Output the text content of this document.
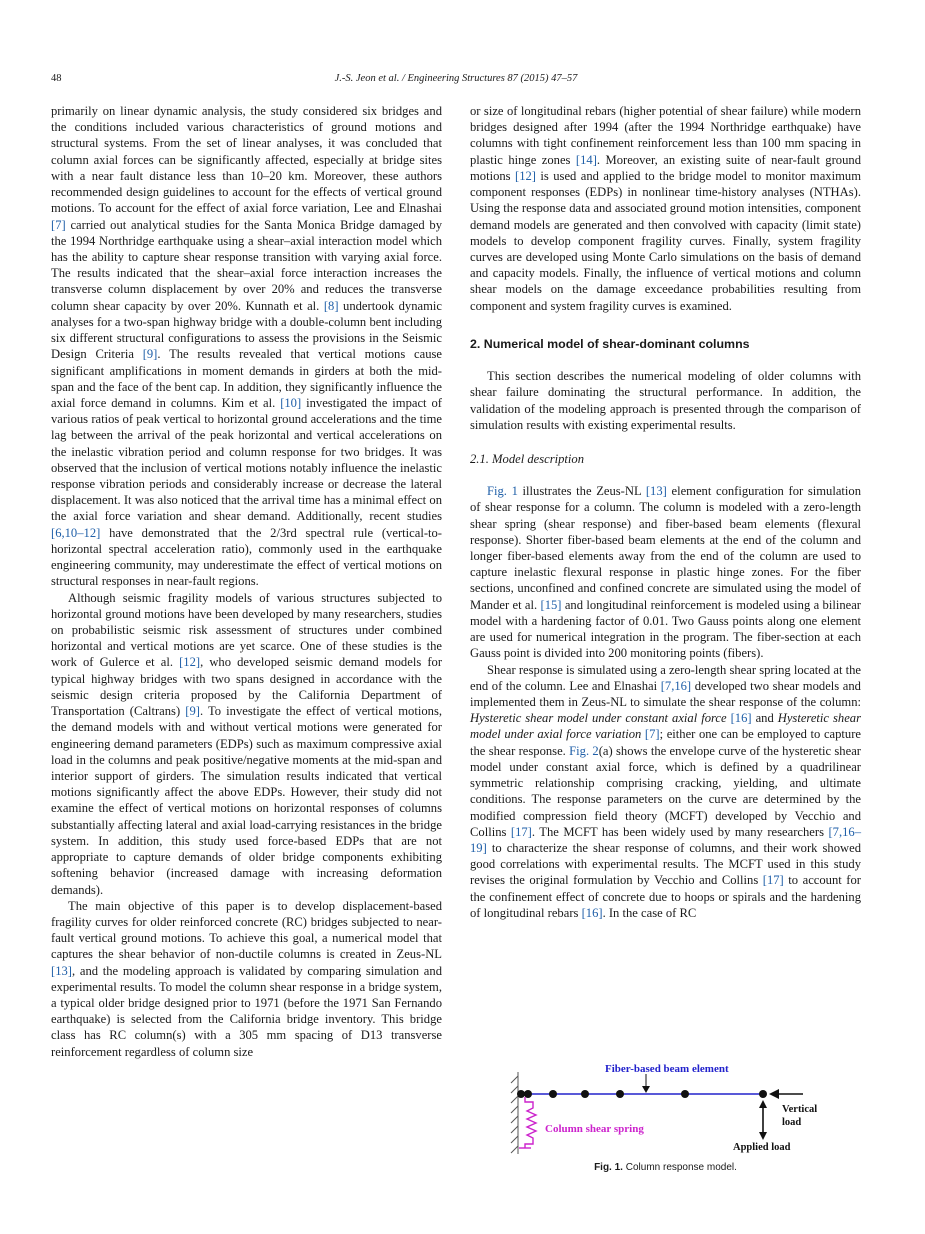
48	J.-S. Jeon et al. / Engineering Structures 87 (2015) 47–57

primarily on linear dynamic analysis, the study considered six bridges and the conditions included various characteristics of ground motions and structural systems. From the set of linear analyses, it was concluded that column axial forces can be significantly affected, especially at bridge sites with a near fault distance less than 10–20 km. Moreover, these authors recommended design guidelines to account for the effects of vertical ground motions. To account for the effect of axial force variation, Lee and Elnashai [7] carried out analytical studies for the Santa Monica Bridge damaged by the 1994 Northridge earthquake using a shear–axial interaction model which has the ability to capture shear response transition with varying axial force. The results indicated that the shear–axial force interaction increases the transverse column displacement by over 20% and reduces the transverse column shear capacity by over 20%. Kunnath et al. [8] undertook dynamic analyses for a two-span highway bridge with a double-column bent including six different structural configurations to assess the provisions in the Seismic Design Criteria [9]. The results revealed that vertical motions cause significant amplifications in moment demands in girders at both the mid-span and the face of the bent cap. In addition, they significantly influence the axial force demand in columns. Kim et al. [10] investigated the impact of various ratios of peak vertical to horizontal ground accelerations and the time lag between the arrival of the peak horizontal and vertical accelerations on the inelastic vibration period and column response for two bridges. It was observed that the inclusion of vertical motions notably influence the inelastic response vibration periods and considerably increase or decrease the lateral displacement. It was also noticed that the arrival time has a minimal effect on the axial force variation and shear demand. Additionally, recent studies [6,10–12] have demonstrated that the 2/3rd spectral rule (vertical-to-horizontal spectral acceleration ratio), commonly used in the earthquake engineering community, may underestimate the effect of vertical motions on structural responses in near-fault regions.

Although seismic fragility models of various structures subjected to horizontal ground motions have been developed by many researchers, studies on probabilistic seismic risk assessment of structures under combined horizontal and vertical motions are yet scarce. One of these studies is the work of Gulerce et al. [12], who developed seismic demand models for typical highway bridges with two spans designed in accordance with the seismic design criteria proposed by the California Department of Transportation (Caltrans) [9]. To investigate the effect of vertical motions, the demand models with and without vertical motions were generated for engineering demand parameters (EDPs) such as maximum compressive axial load in the columns and peak positive/negative moments at the mid-span and interior support of girders. The simulation results indicated that vertical motions significantly affect the above EDPs. However, their study did not examine the effect of vertical motions on horizontal responses of columns substantially affecting lateral and axial load-carrying resistances in the bridge system. In addition, this study used force-based EDPs that are not appropriate to capture demands of older bridge components exhibiting softening behavior (increased damage with increasing deformation demands).

The main objective of this paper is to develop displacement-based fragility curves for older reinforced concrete (RC) bridges subjected to near-fault vertical ground motions. To achieve this goal, a numerical model that captures the shear behavior of non-ductile columns is created in Zeus-NL [13], and the modeling approach is validated by comparing simulation and experimental results. To model the column shear response in a bridge system, a typical older bridge designed prior to 1971 (before the 1971 San Fernando earthquake) is selected from the California bridge inventory. This bridge class has RC column(s) with a 305 mm spacing of D13 transverse reinforcement regardless of column size

or size of longitudinal rebars (higher potential of shear failure) while modern bridges designed after 1994 (after the 1994 Northridge earthquake) have columns with tight confinement reinforcement less than 100 mm spacing in plastic hinge zones [14]. Moreover, an existing suite of near-fault ground motions [12] is used and applied to the bridge model to monitor maximum component responses (EDPs) in nonlinear time-history analyses (NTHAs). Using the response data and associated ground motion intensities, component demand models are generated and then convolved with capacity (limit state) models to develop component fragility curves. Finally, system fragility curves are developed using Monte Carlo simulations on the basis of demand and capacity models. Finally, the influence of vertical motions and column shear models on the damage exceedance probabilities resulting from component and system fragility curves is examined.

2. Numerical model of shear-dominant columns

This section describes the numerical modeling of older columns with shear failure dominating the structural performance. In addition, the validation of the modeling approach is presented through the comparison of simulation results with existing experimental results.

2.1. Model description

Fig. 1 illustrates the Zeus-NL [13] element configuration for simulation of shear response for a column. The column is modeled with a zero-length shear spring (shear response) and fiber-based beam elements (flexural response). Shorter fiber-based beam elements at the end of the column and longer fiber-based elements away from the end of the column are used to capture inelastic flexural response in plastic hinge zones. For the fiber sections, unconfined and confined concrete are simulated using the model of Mander et al. [15] and longitudinal reinforcement is modeled using a bilinear model with a hardening factor of 0.01. Two Gauss points along one element are used for numerical integration in the program. The fiber-section at each Gauss point is divided into 200 monitoring points (fibers).

Shear response is simulated using a zero-length shear spring located at the end of the column. Lee and Elnashai [7,16] developed two shear models and implemented them in Zeus-NL to simulate the shear response of the column: Hysteretic shear model under constant axial force [16] and Hysteretic shear model under axial force variation [7]; either one can be employed to capture the shear response. Fig. 2(a) shows the envelope curve of the hysteretic shear model under constant axial force, which is defined by a quadrilinear symmetric relationship comprising cracking, yielding, and ultimate conditions. The response parameters on the curve are determined by the modified compression field theory (MCFT) developed by Vecchio and Collins [17]. The MCFT has been widely used by many researchers [7,16–19] to characterize the shear response of columns, and their work showed good correlations with experimental results. The MCFT used in this study revises the original formulation by Vecchio and Collins [17] to account for the confinement effect of concrete due to hoops or spirals and the hardening of longitudinal rebars [16]. In the case of RC

Fiber-based beam element
Column shear spring
Vertical
load
Applied load
Fig. 1. Column response model.
